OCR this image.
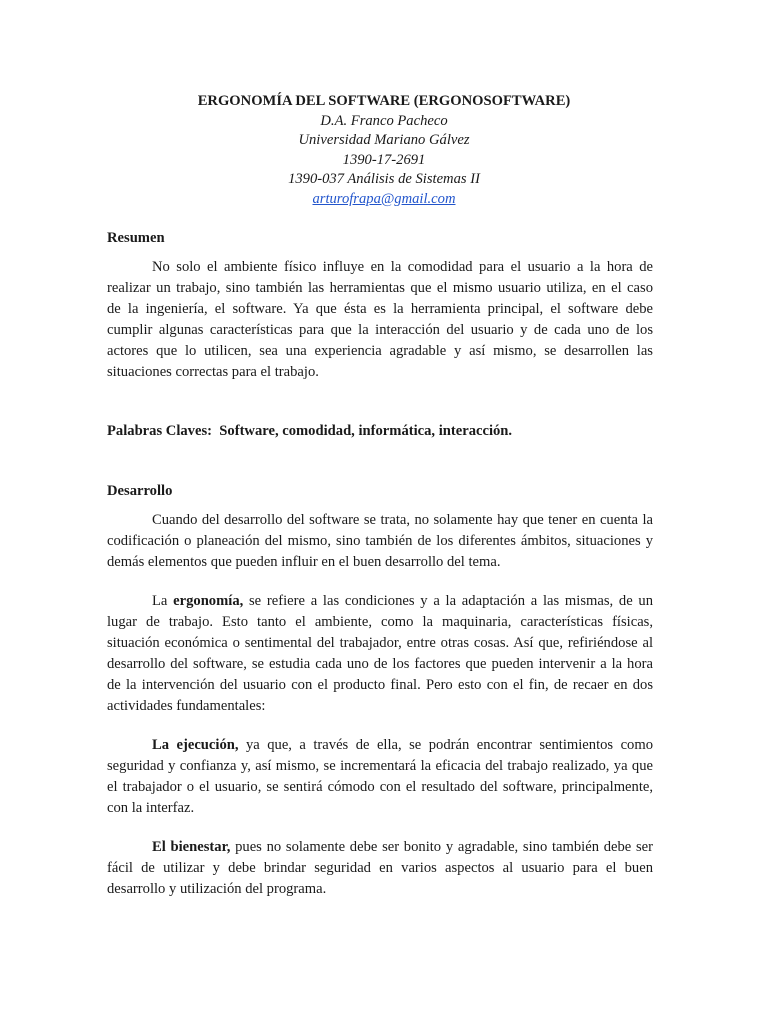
ERGONOMÍA DEL SOFTWARE (ERGONOSOFTWARE)
D.A. Franco Pacheco
Universidad Mariano Gálvez
1390-17-2691
1390-037 Análisis de Sistemas II
arturofrapa@gmail.com
Resumen
No solo el ambiente físico influye en la comodidad para el usuario a la hora de
realizar un trabajo, sino también las herramientas que el mismo usuario utiliza, en el caso
de la ingeniería, el software. Ya que ésta es la herramienta principal, el software debe
cumplir algunas características para que la interacción del usuario y de cada uno de los
actores que lo utilicen, sea una experiencia agradable y así mismo, se desarrollen las
situaciones correctas para el trabajo.
Palabras Claves: Software, comodidad, informática, interacción.
Desarrollo
Cuando del desarrollo del software se trata, no solamente hay que tener en cuenta la
codificación o planeación del mismo, sino también de los diferentes ámbitos, situaciones y
demás elementos que pueden influir en el buen desarrollo del tema.
La ergonomía, se refiere a las condiciones y a la adaptación a las mismas, de un
lugar de trabajo. Esto tanto el ambiente, como la maquinaria, características físicas,
situación económica o sentimental del trabajador, entre otras cosas. Así que, refiriéndose al
desarrollo del software, se estudia cada uno de los factores que pueden intervenir a la hora
de la intervención del usuario con el producto final. Pero esto con el fin, de recaer en dos
actividades fundamentales:
La ejecución, ya que, a través de ella, se podrán encontrar sentimientos como
seguridad y confianza y, así mismo, se incrementará la eficacia del trabajo realizado, ya que
el trabajador o el usuario, se sentirá cómodo con el resultado del software, principalmente,
con la interfaz.
El bienestar, pues no solamente debe ser bonito y agradable, sino también debe ser
fácil de utilizar y debe brindar seguridad en varios aspectos al usuario para el buen
desarrollo y utilización del programa.
